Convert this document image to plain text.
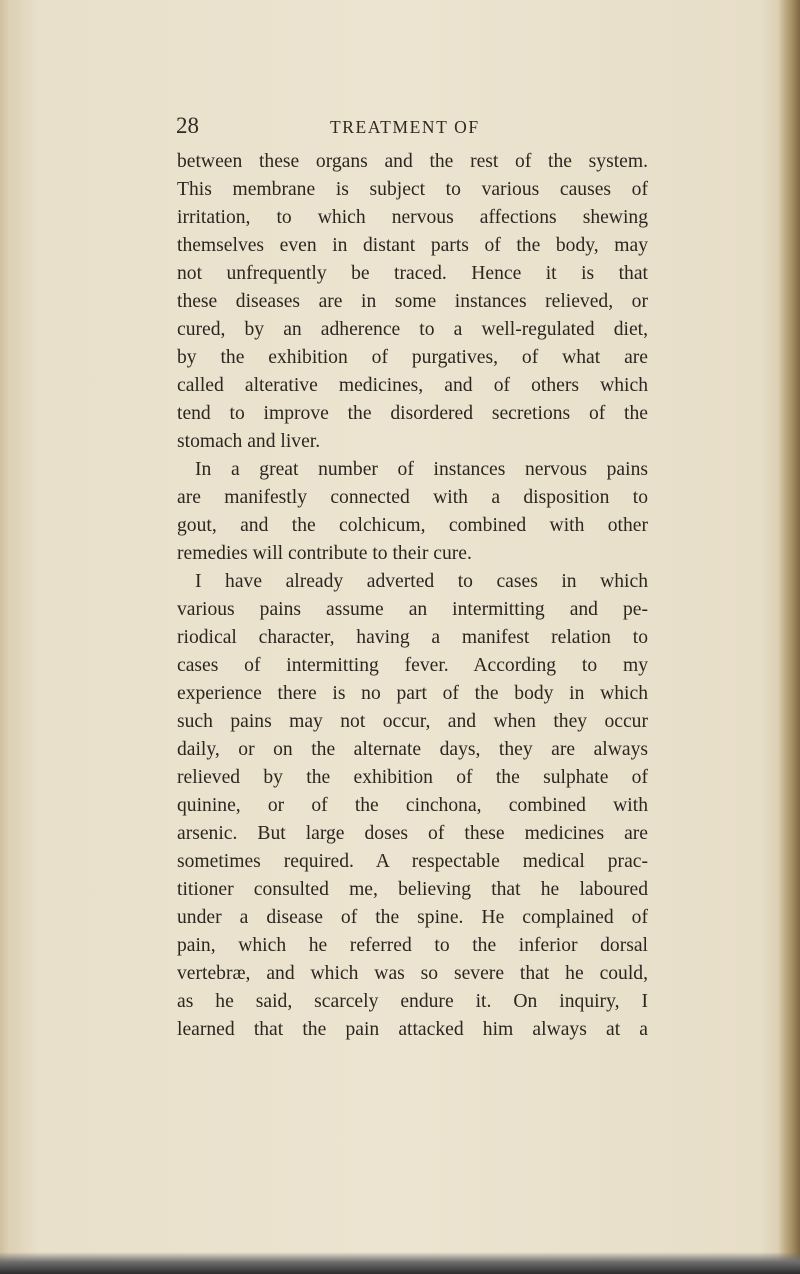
28	TREATMENT OF
between these organs and the rest of the system.
This membrane is subject to various causes of
irritation, to which nervous affections shewing
themselves even in distant parts of the body, may
not unfrequently be traced. Hence it is that
these diseases are in some instances relieved, or
cured, by an adherence to a well-regulated diet,
by the exhibition of purgatives, of what are
called alterative medicines, and of others which
tend to improve the disordered secretions of the
stomach and liver.
In a great number of instances nervous pains
are manifestly connected with a disposition to
gout, and the colchicum, combined with other
remedies will contribute to their cure.
I have already adverted to cases in which
various pains assume an intermitting and pe-
riodical character, having a manifest relation to
cases of intermitting fever. According to my
experience there is no part of the body in which
such pains may not occur, and when they occur
daily, or on the alternate days, they are always
relieved by the exhibition of the sulphate of
quinine, or of the cinchona, combined with
arsenic. But large doses of these medicines are
sometimes required. A respectable medical prac-
titioner consulted me, believing that he laboured
under a disease of the spine. He complained of
pain, which he referred to the inferior dorsal
vertebræ, and which was so severe that he could,
as he said, scarcely endure it. On inquiry, I
learned that the pain attacked him always at a
